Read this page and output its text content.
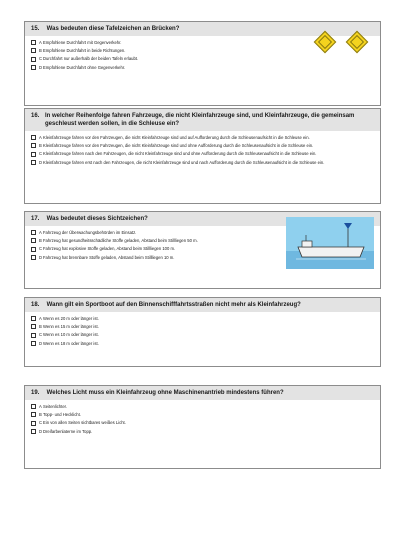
15. Was bedeuten diese Tafelzeichen an Brücken?
A Empfohlene Durchfahrt mit Gegenverkehr.
B Empfohlene Durchfahrt in beide Richtungen.
C Durchfahrt nur außerhalb der beiden Tafeln erlaubt.
D Empfohlene Durchfahrt ohne Gegenverkehr.
16. In welcher Reihenfolge fahren Fahrzeuge, die nicht Kleinfahrzeuge sind, und Kleinfahrzeuge, die gemeinsam geschleust werden sollen, in die Schleuse ein?
A Kleinfahrzeuge fahren vor den Fahrzeugen, die nicht Kleinfahrzeuge sind und auf Aufforderung durch die Schleusenaufsicht in die Schleuse ein.
B Kleinfahrzeuge fahren vor den Fahrzeugen, die nicht Kleinfahrzeuge sind und ohne Aufforderung durch die Schleusenaufsicht in die Schleuse ein.
C Kleinfahrzeuge fahren nach den Fahrzeugen, die nicht Kleinfahrzeuge sind und ohne Aufforderung durch die Schleusenaufsicht in die Schleuse ein.
D Kleinfahrzeuge fahren erst nach den Fahrzeugen, die nicht Kleinfahrzeuge sind und nach Aufforderung durch die Schleusenaufsicht in die Schleuse ein.
17. Was bedeutet dieses Sichtzeichen?
A Fahrzeug der Überwachungsbehörden im Einsatz.
B Fahrzeug hat gesundheitsschädliche Stoffe geladen, Abstand beim Stillliegen 50 m.
C Fahrzeug hat explosive Stoffe geladen, Abstand beim Stillliegen 100 m.
D Fahrzeug hat brennbare Stoffe geladen, Abstand beim Stillliegen 10 m.
18. Wann gilt ein Sportboot auf den Binnenschifffahrtsstraßen nicht mehr als Kleinfahrzeug?
A Wenn es 20 m oder länger ist.
B Wenn es 15 m oder länger ist.
C Wenn es 10 m oder länger ist.
D Wenn es 18 m oder länger ist.
19. Welches Licht muss ein Kleinfahrzeug ohne Maschinenantrieb mindestens führen?
A Seitenlichter.
B Topp- und Hecklicht.
C Ein von allen Seiten sichtbares weißes Licht.
D Dreifarbenlaterne im Topp.
